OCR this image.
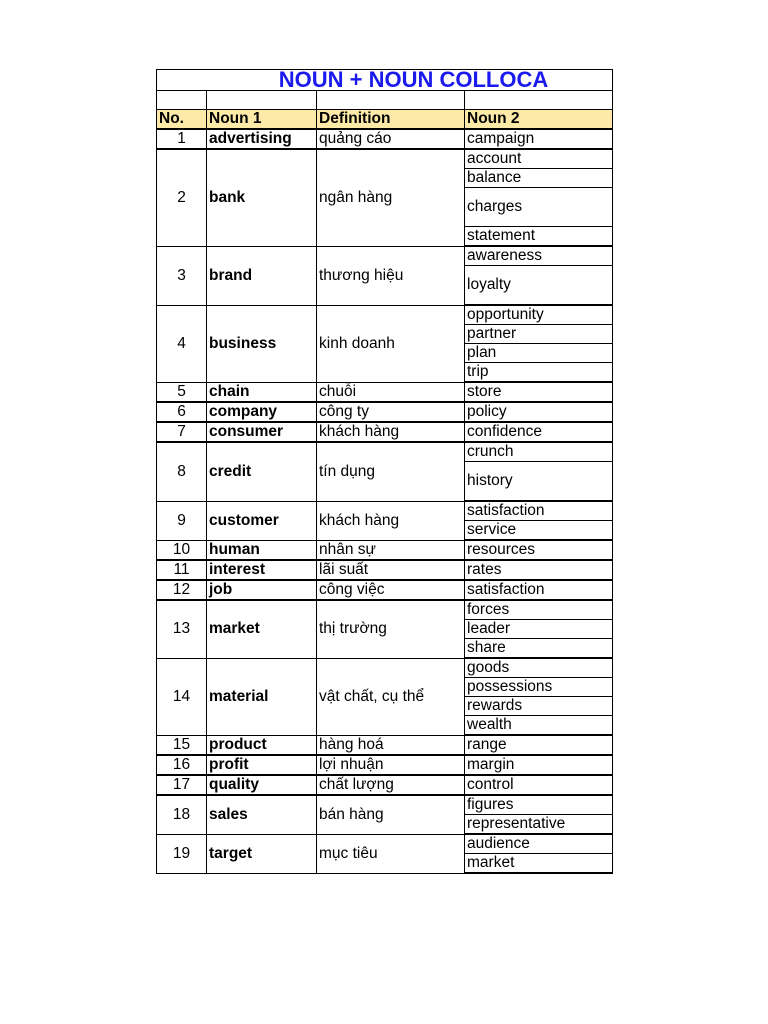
NOUN + NOUN COLLOCA			

No.	Noun 1	Definition	Noun 2
1	advertising	quảng cáo	campaign
2	bank	ngân hàng	account
			balance
			charges
			statement
3	brand	thương hiệu	awareness
			loyalty
4	business	kinh doanh	opportunity
			partner
			plan
			trip
5	chain	chuỗi	store
6	company	công ty	policy
7	consumer	khách hàng	confidence
8	credit	tín dụng	crunch
			history
9	customer	khách hàng	satisfaction
			service
10	human	nhân sự	resources
11	interest	lãi suất	rates
12	job	công việc	satisfaction
13	market	thị trường	forces
			leader
			share
14	material	vật chất, cụ thể	goods
			possessions
			rewards
			wealth
15	product	hàng hoá	range
16	profit	lợi nhuận	margin
17	quality	chất lượng	control
18	sales	bán hàng	figures
			representative
19	target	mục tiêu	audience
			market
